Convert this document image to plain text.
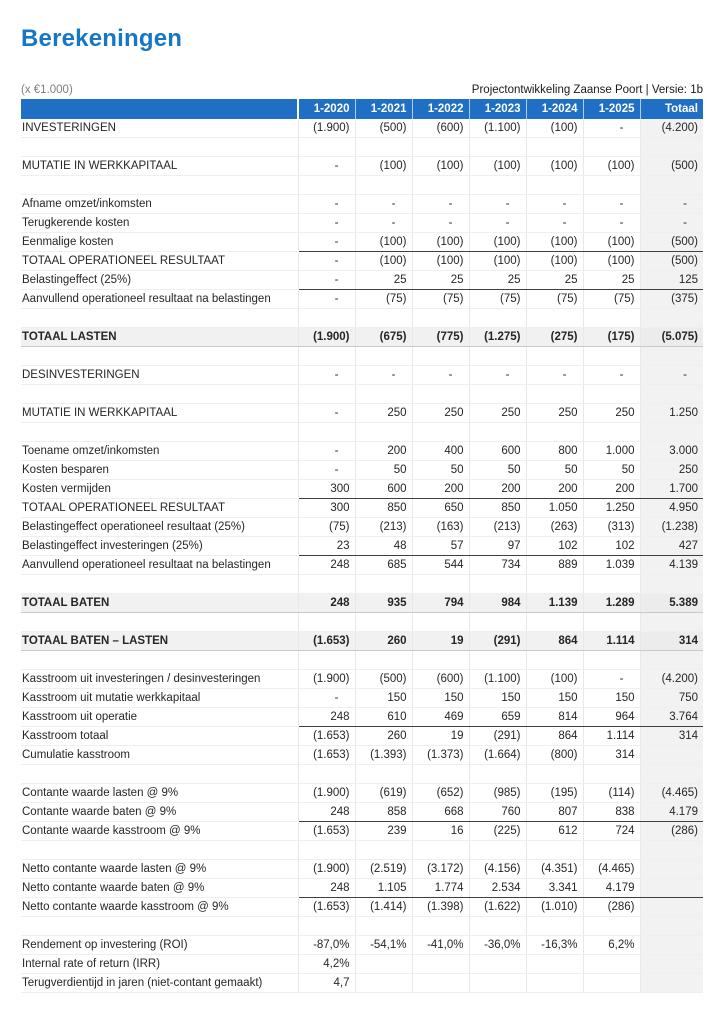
Berekeningen
(x €1.000)	Projectontwikkeling Zaanse Poort | Versie: 1b
	1-2020	1-2021	1-2022	1-2023	1-2024	1-2025	Totaal
INVESTERINGEN	(1.900)	(500)	(600)	(1.100)	(100)	-	(4.200)

MUTATIE IN WERKKAPITAAL	-	(100)	(100)	(100)	(100)	(100)	(500)

Afname omzet/inkomsten	-	-	-	-	-	-	-
Terugkerende kosten	-	-	-	-	-	-	-
Eenmalige kosten	-	(100)	(100)	(100)	(100)	(100)	(500)
TOTAAL OPERATIONEEL RESULTAAT	-	(100)	(100)	(100)	(100)	(100)	(500)
Belastingeffect (25%)	-	25	25	25	25	25	125
Aanvullend operationeel resultaat na belastingen	-	(75)	(75)	(75)	(75)	(75)	(375)

TOTAAL LASTEN	(1.900)	(675)	(775)	(1.275)	(275)	(175)	(5.075)

DESINVESTERINGEN	-	-	-	-	-	-	-

MUTATIE IN WERKKAPITAAL	-	250	250	250	250	250	1.250

Toename omzet/inkomsten	-	200	400	600	800	1.000	3.000
Kosten besparen	-	50	50	50	50	50	250
Kosten vermijden	300	600	200	200	200	200	1.700
TOTAAL OPERATIONEEL RESULTAAT	300	850	650	850	1.050	1.250	4.950
Belastingeffect operationeel resultaat (25%)	(75)	(213)	(163)	(213)	(263)	(313)	(1.238)
Belastingeffect investeringen (25%)	23	48	57	97	102	102	427
Aanvullend operationeel resultaat na belastingen	248	685	544	734	889	1.039	4.139

TOTAAL BATEN	248	935	794	984	1.139	1.289	5.389

TOTAAL BATEN – LASTEN	(1.653)	260	19	(291)	864	1.114	314

Kasstroom uit investeringen / desinvesteringen	(1.900)	(500)	(600)	(1.100)	(100)	-	(4.200)
Kasstroom uit mutatie werkkapitaal	-	150	150	150	150	150	750
Kasstroom uit operatie	248	610	469	659	814	964	3.764
Kasstroom totaal	(1.653)	260	19	(291)	864	1.114	314
Cumulatie kasstroom	(1.653)	(1.393)	(1.373)	(1.664)	(800)	314	

Contante waarde lasten @ 9%	(1.900)	(619)	(652)	(985)	(195)	(114)	(4.465)
Contante waarde baten @ 9%	248	858	668	760	807	838	4.179
Contante waarde kasstroom @ 9%	(1.653)	239	16	(225)	612	724	(286)

Netto contante waarde lasten @ 9%	(1.900)	(2.519)	(3.172)	(4.156)	(4.351)	(4.465)	
Netto contante waarde baten @ 9%	248	1.105	1.774	2.534	3.341	4.179	
Netto contante waarde kasstroom @ 9%	(1.653)	(1.414)	(1.398)	(1.622)	(1.010)	(286)	

Rendement op investering (ROI)	-87,0%	-54,1%	-41,0%	-36,0%	-16,3%	6,2%	
Internal rate of return (IRR)	4,2%						
Terugverdientijd in jaren (niet-contant gemaakt)	4,7						
